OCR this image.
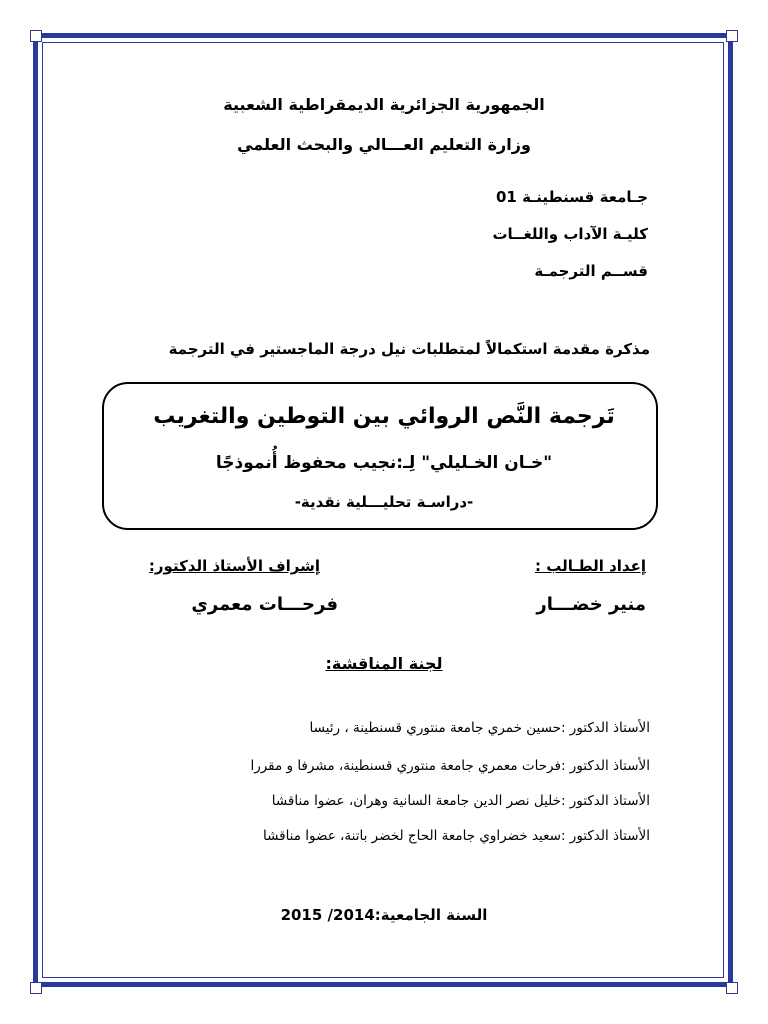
الجمهورية الجزائرية الديمقراطية الشعبية
وزارة التعليم العـــالي والبحث العلمي
جـامعة قسنطينـة 01
كليـة الآداب واللغــات
قســم الترجمـة
مذكرة مقدمة استكمالاً لمتطلبات نيل درجة الماجستير في الترجمة
تَرجمة النَّص الروائي بين التوطين والتغريب
"خـان الخـليلي" لِـ:نجيب محفوظ أُنموذجًا
-دراسـة تحليـــلية نقدية-
إعداد الطـالب :
إشراف الأستاذ الدكتور:
منير خضـــار
فرحـــات معمري
لجنة المناقشة:
الأستاذ الدكتور :حسين خمري جامعة منتوري قسنطينة ، رئيسا
الأستاذ الدكتور :فرحات معمري جامعة منتوري قسنطينة، مشرفا و مقررا
الأستاذ الدكتور :خليل نصر الدين جامعة السانية وهران، عضوا مناقشا
الأستاذ الدكتور :سعيد خضراوي جامعة الحاج لخضر باتنة، عضوا مناقشا
السنة الجامعية:2014/ 2015
